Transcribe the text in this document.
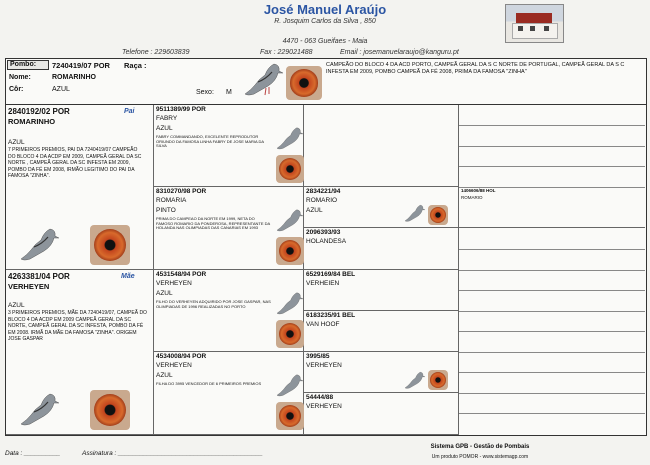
José Manuel Araújo
R. Josquim Carlos da Silva , 850
4470 - 063 Gueifaes - Maia
Telefone : 229603839	Fax : 229021488	Email : josemanuelaraujo@kanguru.pt
Pombo:	7240419/07 POR Raça :
Nome:	ROMARINHO
Côr:	AZUL	Sexo: M
CAMPEÃO DO BLOCO 4 DA ACD PORTO, CAMPEÃ GERAL DA S C NORTE DE PORTUGAL, CAMPEÃ GERAL DA S C INFESTA EM 2009, POMBO CAMPEÃ DA FÉ 2008, PRIMA DA FAMOSA "ZINHA"
2840192/02 POR	Pai
ROMARINHO
AZUL
7 PRIMEIROS PREMIOS, PAI DA 7240419/07 CAMPEÃO DO BLOCO 4 DA ACDP EM 2009, CAMPEÃ GERAL DA SC NORTE , CAMPEÃ GERAL DA SC INFESTA EM 2009, POMBO DA FÉ EM 2008, IRMÃO LEGITIMO DO PAI DA FAMOSA "ZINHA".
4263381/04 POR	Mãe
VERHEYEN
AZUL
3 PRIMEIROS PREMIOS, MÃE DA 7240419/07, CAMPEÃ DO BLOCO 4 DA ACDP EM 2009 CAMPEÃ GERAL DA SC NORTE, CAMPEÃ GERAL DA SC INFESTA, POMBO DA FÉ EM 2008. IRMÃ DA MÃE DA FAMOSA "ZINHA". ORIGEM JOSE GASPAR
9511389/99 POR
FABRY
AZUL
FABRY COMMANDANDO, EXCELENTE REPRODUTOR ORIUNDO DA FAMOSA LINHA FABRY DE JOSE MARIA DA SILVA
8310270/98 POR
ROMARIA
PINTO
PRIMA DO CAMPEAO DA NORTE EM 1999, NETA DO FAMOSO ROMARIO DA PONDEROSA, REPRESENTANTE DA HOLANDA NAS OLIMPIADAS DAS CANARIAS EM 1993
4531548/94 POR
VERHEYEN
AZUL
FILHO DO VERHEYEN ADQUIRIDO POR JOSE GASPAR, NAS OLIMPIADAS DE 1996 REALIZADAS NO PORTO
4534008/94 POR
VERHEYEN
AZUL
FILHA DO 3995 VENCEDOR DE 6 PRIMEIROS PREMIOS
2834221/94
ROMARIO
AZUL
2096393/93
HOLANDESA
6529169/84 BEL
VERHEIEN
6183235/91 BEL
VAN HOOF
3995/85
VERHEYEN
54444/88
VERHEYEN
1406606/88 HOL
ROMARIO
Data : __________	Assinatura : ________________________________________
Sistema GPB - Gestão de Pombais
Um produto POMOR - www.sistemagp.com
